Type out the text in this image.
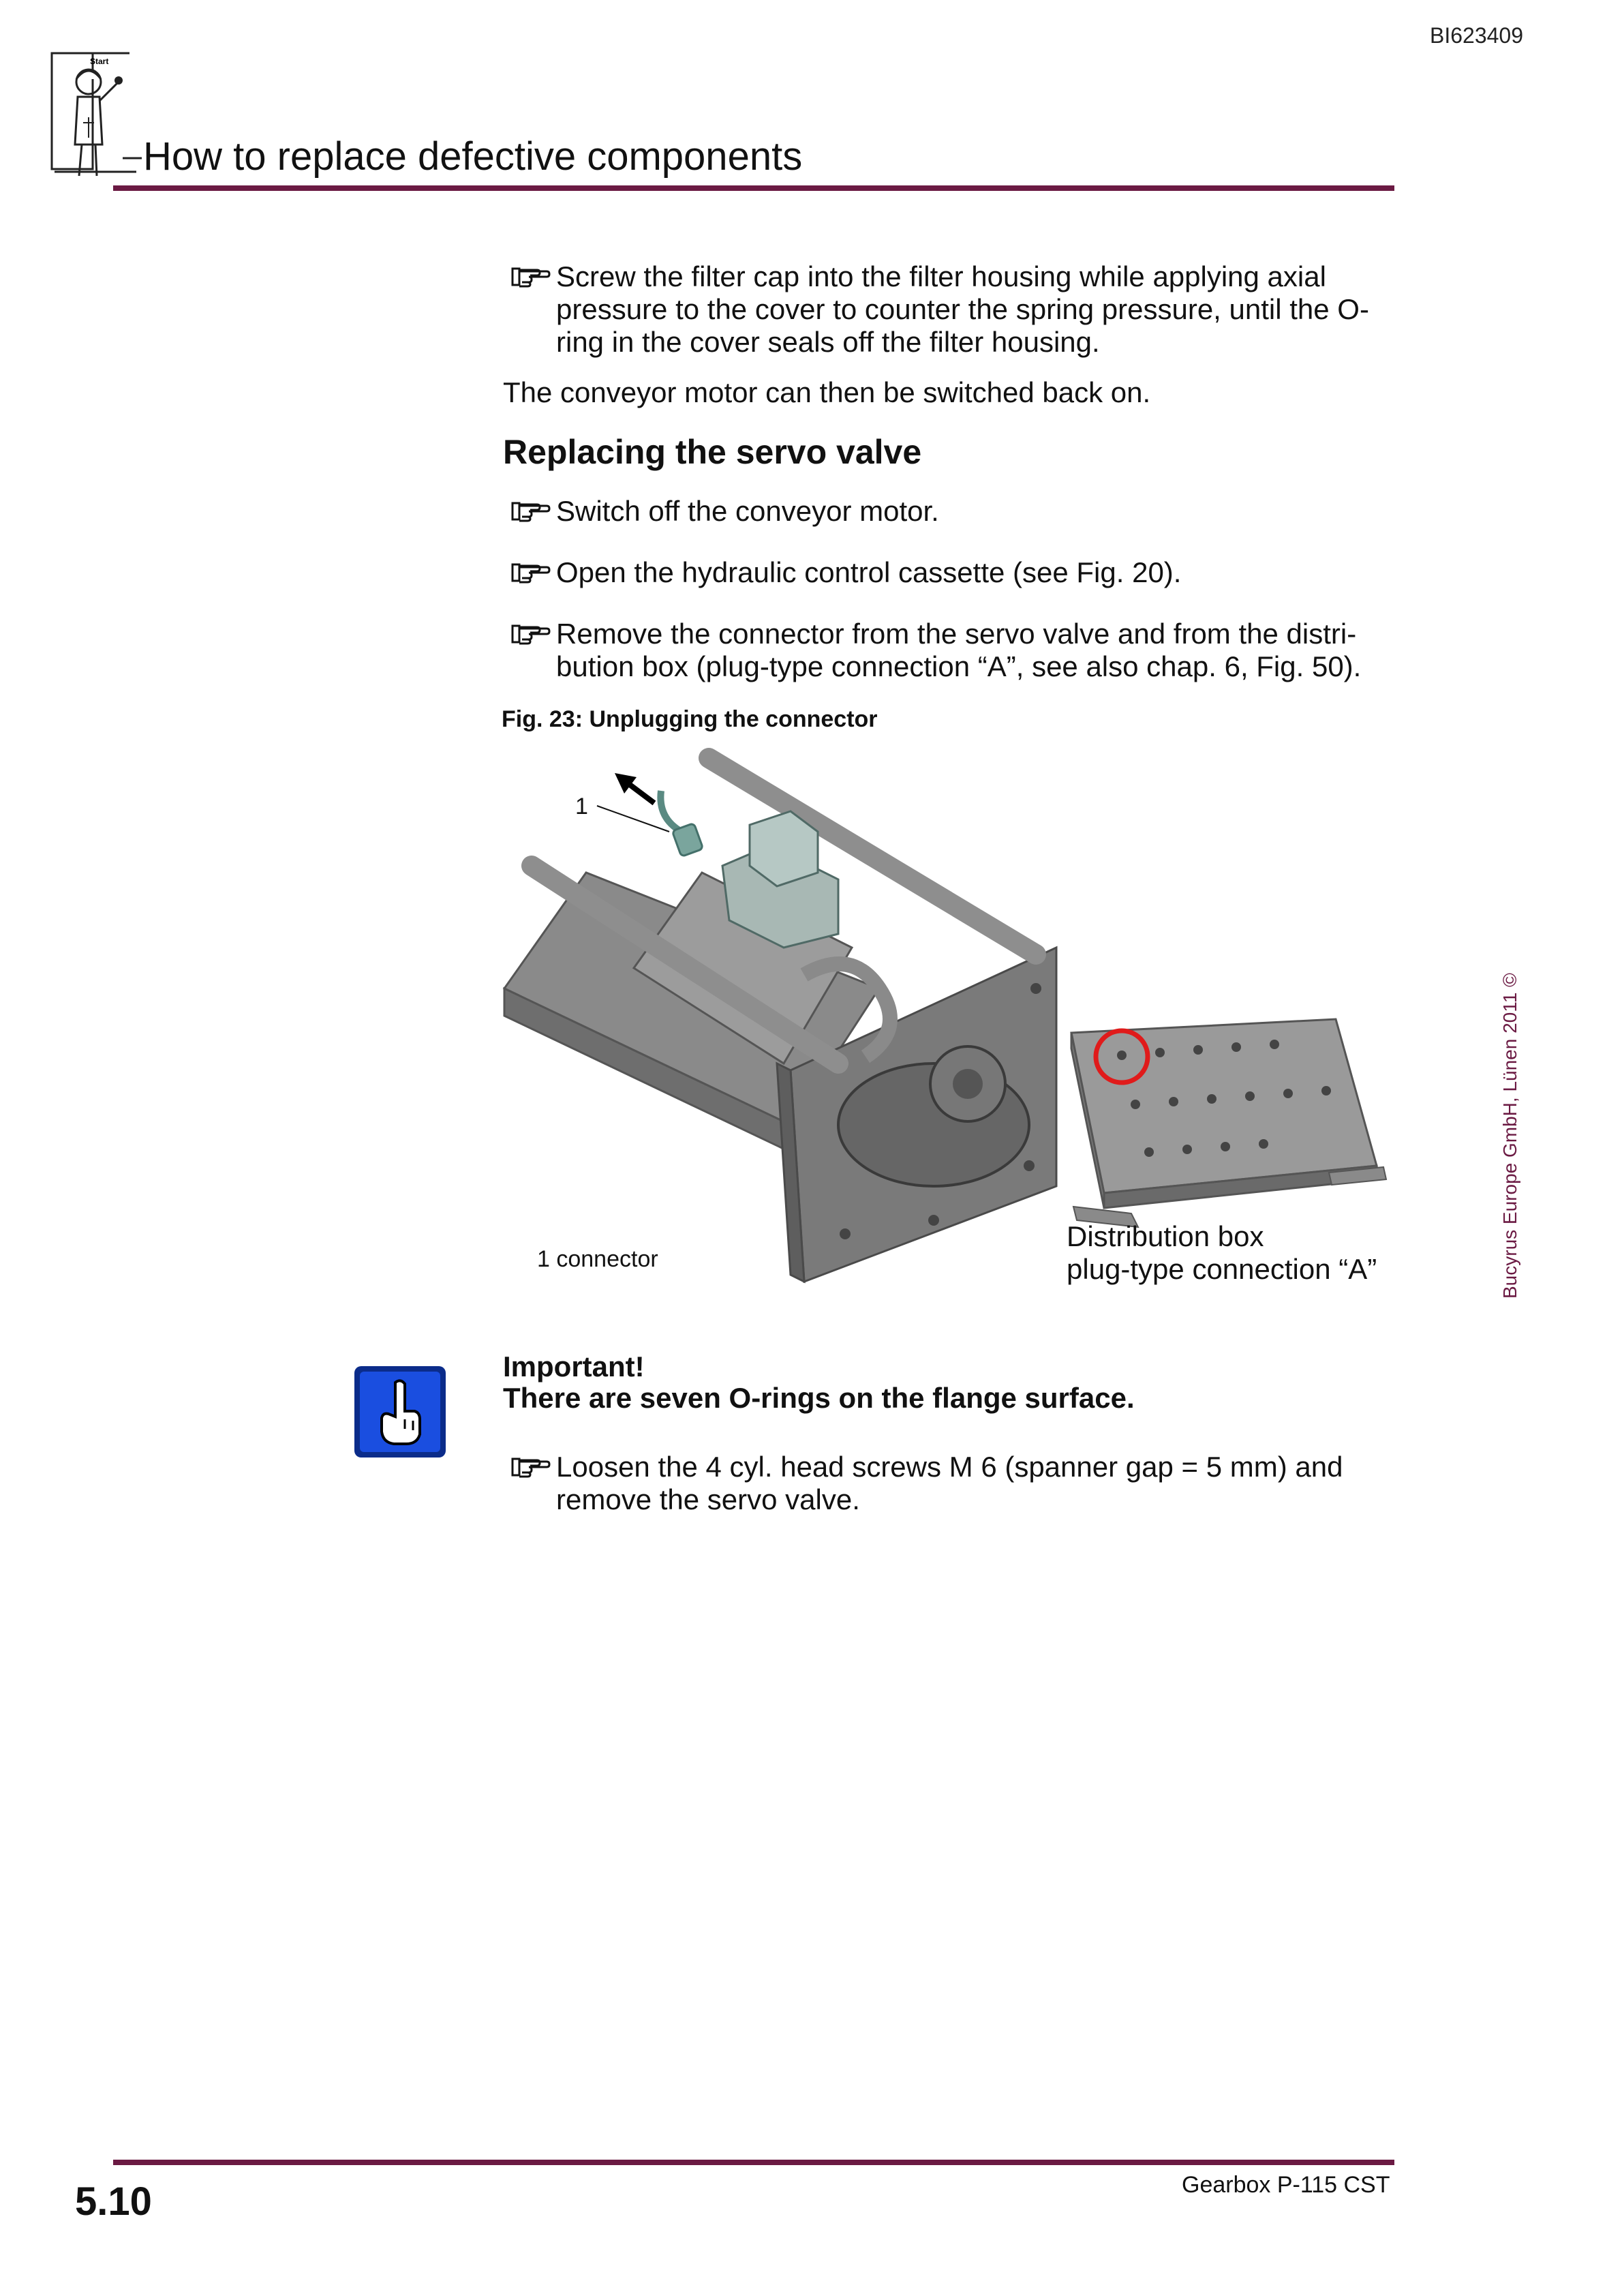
BI623409
Start
How to replace defective components
Screw the filter cap into the filter housing while applying axial pressure to the cover to counter the spring pressure, until the O-ring in the cover seals off the filter housing.
The conveyor motor can then be switched back on.
Replacing the servo valve
Switch off the conveyor motor.
Open the hydraulic control cassette (see Fig. 20).
Remove the connector from the servo valve and from the distri-bution box (plug-type connection “A”, see also chap. 6, Fig. 50).
Fig. 23: Unplugging the connector
1
1 connector
Distribution box
plug-type connection “A”	Bucyrus Europe GmbH, Lünen 2011 ©
Important!
There are seven O-rings on the flange surface.
Loosen the 4 cyl. head screws M 6 (spanner gap = 5 mm) and remove the servo valve.
5.10	Gearbox P-115 CST
